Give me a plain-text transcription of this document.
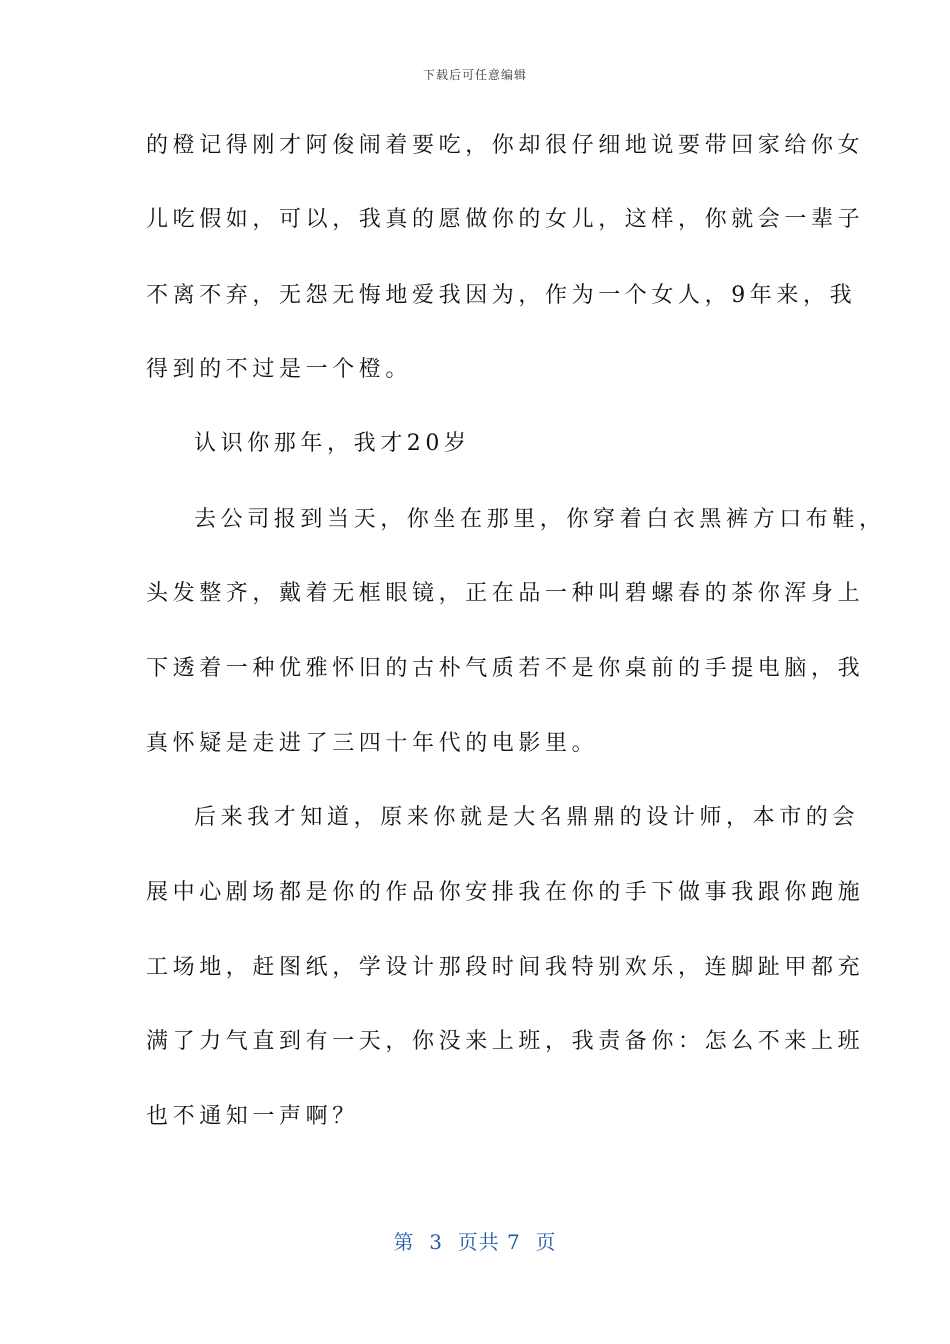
下载后可任意编辑
的橙记得刚才阿俊闹着要吃，你却很仔细地说要带回家给你女
儿吃假如，可以，我真的愿做你的女儿，这样，你就会一辈子
不离不弃，无怨无悔地爱我因为，作为一个女人，9年来，我
得到的不过是一个橙。
认识你那年，我才20岁
去公司报到当天，你坐在那里，你穿着白衣黑裤方口布鞋，
头发整齐，戴着无框眼镜，正在品一种叫碧螺春的茶你浑身上
下透着一种优雅怀旧的古朴气质若不是你桌前的手提电脑，我
真怀疑是走进了三四十年代的电影里。
后来我才知道，原来你就是大名鼎鼎的设计师，本市的会
展中心剧场都是你的作品你安排我在你的手下做事我跟你跑施
工场地，赶图纸，学设计那段时间我特别欢乐，连脚趾甲都充
满了力气直到有一天，你没来上班，我责备你：怎么不来上班
也不通知一声啊？
第  3  页共 7  页
